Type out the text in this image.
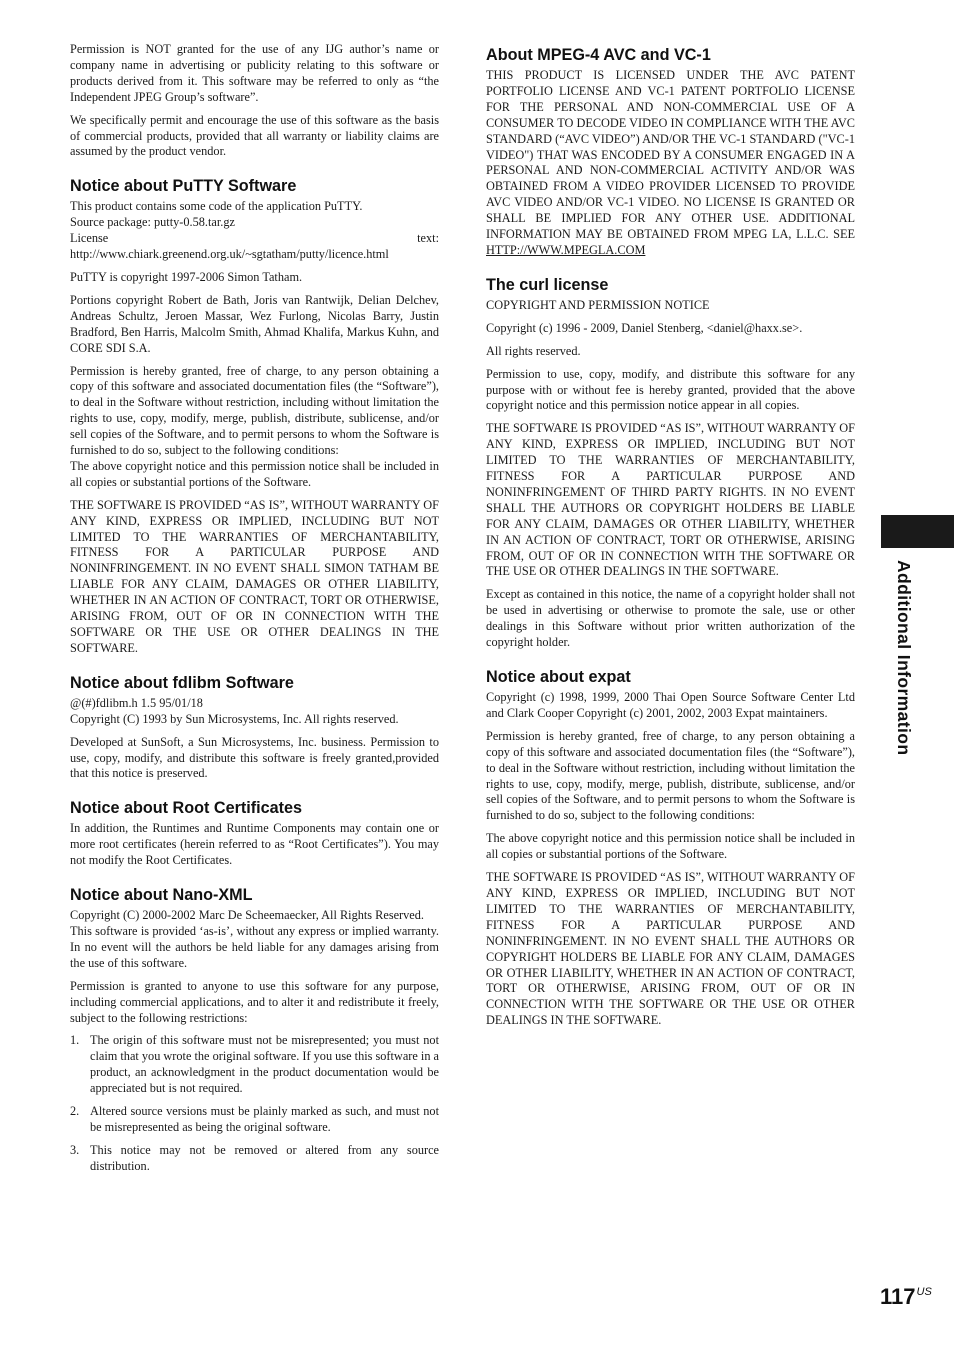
Permission is NOT granted for the use of any IJG author’s name or company name in advertising or publicity relating to this software or products derived from it. This software may be referred to only as “the Independent JPEG Group’s software”.

We specifically permit and encourage the use of this software as the basis of commercial products, provided that all warranty or liability claims are assumed by the product vendor.

Notice about PuTTY Software

This product contains some code of the application PuTTY.
Source package: putty-0.58.tar.gz
License text: http://www.chiark.greenend.org.uk/~sgtatham/putty/licence.html

PuTTY is copyright 1997-2006 Simon Tatham.

Portions copyright Robert de Bath, Joris van Rantwijk, Delian Delchev, Andreas Schultz, Jeroen Massar, Wez Furlong, Nicolas Barry, Justin Bradford, Ben Harris, Malcolm Smith, Ahmad Khalifa, Markus Kuhn, and CORE SDI S.A.

Permission is hereby granted, free of charge, to any person obtaining a copy of this software and associated documentation files (the “Software”), to deal in the Software without restriction, including without limitation the rights to use, copy, modify, merge, publish, distribute, sublicense, and/or sell copies of the Software, and to permit persons to whom the Software is furnished to do so, subject to the following conditions:
The above copyright notice and this permission notice shall be included in all copies or substantial portions of the Software.

THE SOFTWARE IS PROVIDED “AS IS”, WITHOUT WARRANTY OF ANY KIND, EXPRESS OR IMPLIED, INCLUDING BUT NOT LIMITED TO THE WARRANTIES OF MERCHANTABILITY, FITNESS FOR A PARTICULAR PURPOSE AND NONINFRINGEMENT. IN NO EVENT SHALL SIMON TATHAM BE LIABLE FOR ANY CLAIM, DAMAGES OR OTHER LIABILITY, WHETHER IN AN ACTION OF CONTRACT, TORT OR OTHERWISE, ARISING FROM, OUT OF OR IN CONNECTION WITH THE SOFTWARE OR THE USE OR OTHER DEALINGS IN THE SOFTWARE.

Notice about fdlibm Software

@(#)fdlibm.h 1.5 95/01/18
Copyright (C) 1993 by Sun Microsystems, Inc. All rights reserved.

Developed at SunSoft, a Sun Microsystems, Inc. business. Permission to use, copy, modify, and distribute this software is freely granted,provided that this notice is preserved.

Notice about Root Certificates

In addition, the Runtimes and Runtime Components may contain one or more root certificates (herein referred to as “Root Certificates”). You may not modify the Root Certificates.

Notice about Nano-XML

Copyright (C) 2000-2002 Marc De Scheemaecker, All Rights Reserved.
This software is provided ‘as-is’, without any express or implied warranty. In no event will the authors be held liable for any damages arising from the use of this software.

Permission is granted to anyone to use this software for any purpose, including commercial applications, and to alter it and redistribute it freely, subject to the following restrictions:

1. The origin of this software must not be misrepresented; you must not claim that you wrote the original software. If you use this software in a product, an acknowledgment in the product documentation would be appreciated but is not required.
2. Altered source versions must be plainly marked as such, and must not be misrepresented as being the original software.
3. This notice may not be removed or altered from any source distribution.
About MPEG-4 AVC and VC-1

THIS PRODUCT IS LICENSED UNDER THE AVC PATENT PORTFOLIO LICENSE AND VC-1 PATENT PORTFOLIO LICENSE FOR THE PERSONAL AND NON-COMMERCIAL USE OF A CONSUMER TO DECODE VIDEO IN COMPLIANCE WITH THE AVC STANDARD (“AVC VIDEO”) AND/OR THE VC-1 STANDARD ("VC-1 VIDEO") THAT WAS ENCODED BY A CONSUMER ENGAGED IN A PERSONAL AND NON-COMMERCIAL ACTIVITY AND/OR WAS OBTAINED FROM A VIDEO PROVIDER LICENSED TO PROVIDE AVC VIDEO AND/OR VC-1 VIDEO. NO LICENSE IS GRANTED OR SHALL BE IMPLIED FOR ANY OTHER USE. ADDITIONAL INFORMATION MAY BE OBTAINED FROM MPEG LA, L.L.C. SEE HTTP://WWW.MPEGLA.COM

The curl license

COPYRIGHT AND PERMISSION NOTICE

Copyright (c) 1996 - 2009, Daniel Stenberg, <daniel@haxx.se>.

All rights reserved.

Permission to use, copy, modify, and distribute this software for any purpose with or without fee is hereby granted, provided that the above copyright notice and this permission notice appear in all copies.

THE SOFTWARE IS PROVIDED “AS IS”, WITHOUT WARRANTY OF ANY KIND, EXPRESS OR IMPLIED, INCLUDING BUT NOT LIMITED TO THE WARRANTIES OF MERCHANTABILITY, FITNESS FOR A PARTICULAR PURPOSE AND NONINFRINGEMENT OF THIRD PARTY RIGHTS. IN NO EVENT SHALL THE AUTHORS OR COPYRIGHT HOLDERS BE LIABLE FOR ANY CLAIM, DAMAGES OR OTHER LIABILITY, WHETHER IN AN ACTION OF CONTRACT, TORT OR OTHERWISE, ARISING FROM, OUT OF OR IN CONNECTION WITH THE SOFTWARE OR THE USE OR OTHER DEALINGS IN THE SOFTWARE.

Except as contained in this notice, the name of a copyright holder shall not be used in advertising or otherwise to promote the sale, use or other dealings in this Software without prior written authorization of the copyright holder.

Notice about expat

Copyright (c) 1998, 1999, 2000 Thai Open Source Software Center Ltd and Clark Cooper Copyright (c) 2001, 2002, 2003 Expat maintainers.

Permission is hereby granted, free of charge, to any person obtaining a copy of this software and associated documentation files (the “Software”), to deal in the Software without restriction, including without limitation the rights to use, copy, modify, merge, publish, distribute, sublicense, and/or sell copies of the Software, and to permit persons to whom the Software is furnished to do so, subject to the following conditions:

The above copyright notice and this permission notice shall be included in all copies or substantial portions of the Software.

THE SOFTWARE IS PROVIDED “AS IS”, WITHOUT WARRANTY OF ANY KIND, EXPRESS OR IMPLIED, INCLUDING BUT NOT LIMITED TO THE WARRANTIES OF MERCHANTABILITY, FITNESS FOR A PARTICULAR PURPOSE AND NONINFRINGEMENT. IN NO EVENT SHALL THE AUTHORS OR COPYRIGHT HOLDERS BE LIABLE FOR ANY CLAIM, DAMAGES OR OTHER LIABILITY, WHETHER IN AN ACTION OF CONTRACT, TORT OR OTHERWISE, ARISING FROM, OUT OF OR IN CONNECTION WITH THE SOFTWARE OR THE USE OR OTHER DEALINGS IN THE SOFTWARE.

Additional Information
$117^{US}$
